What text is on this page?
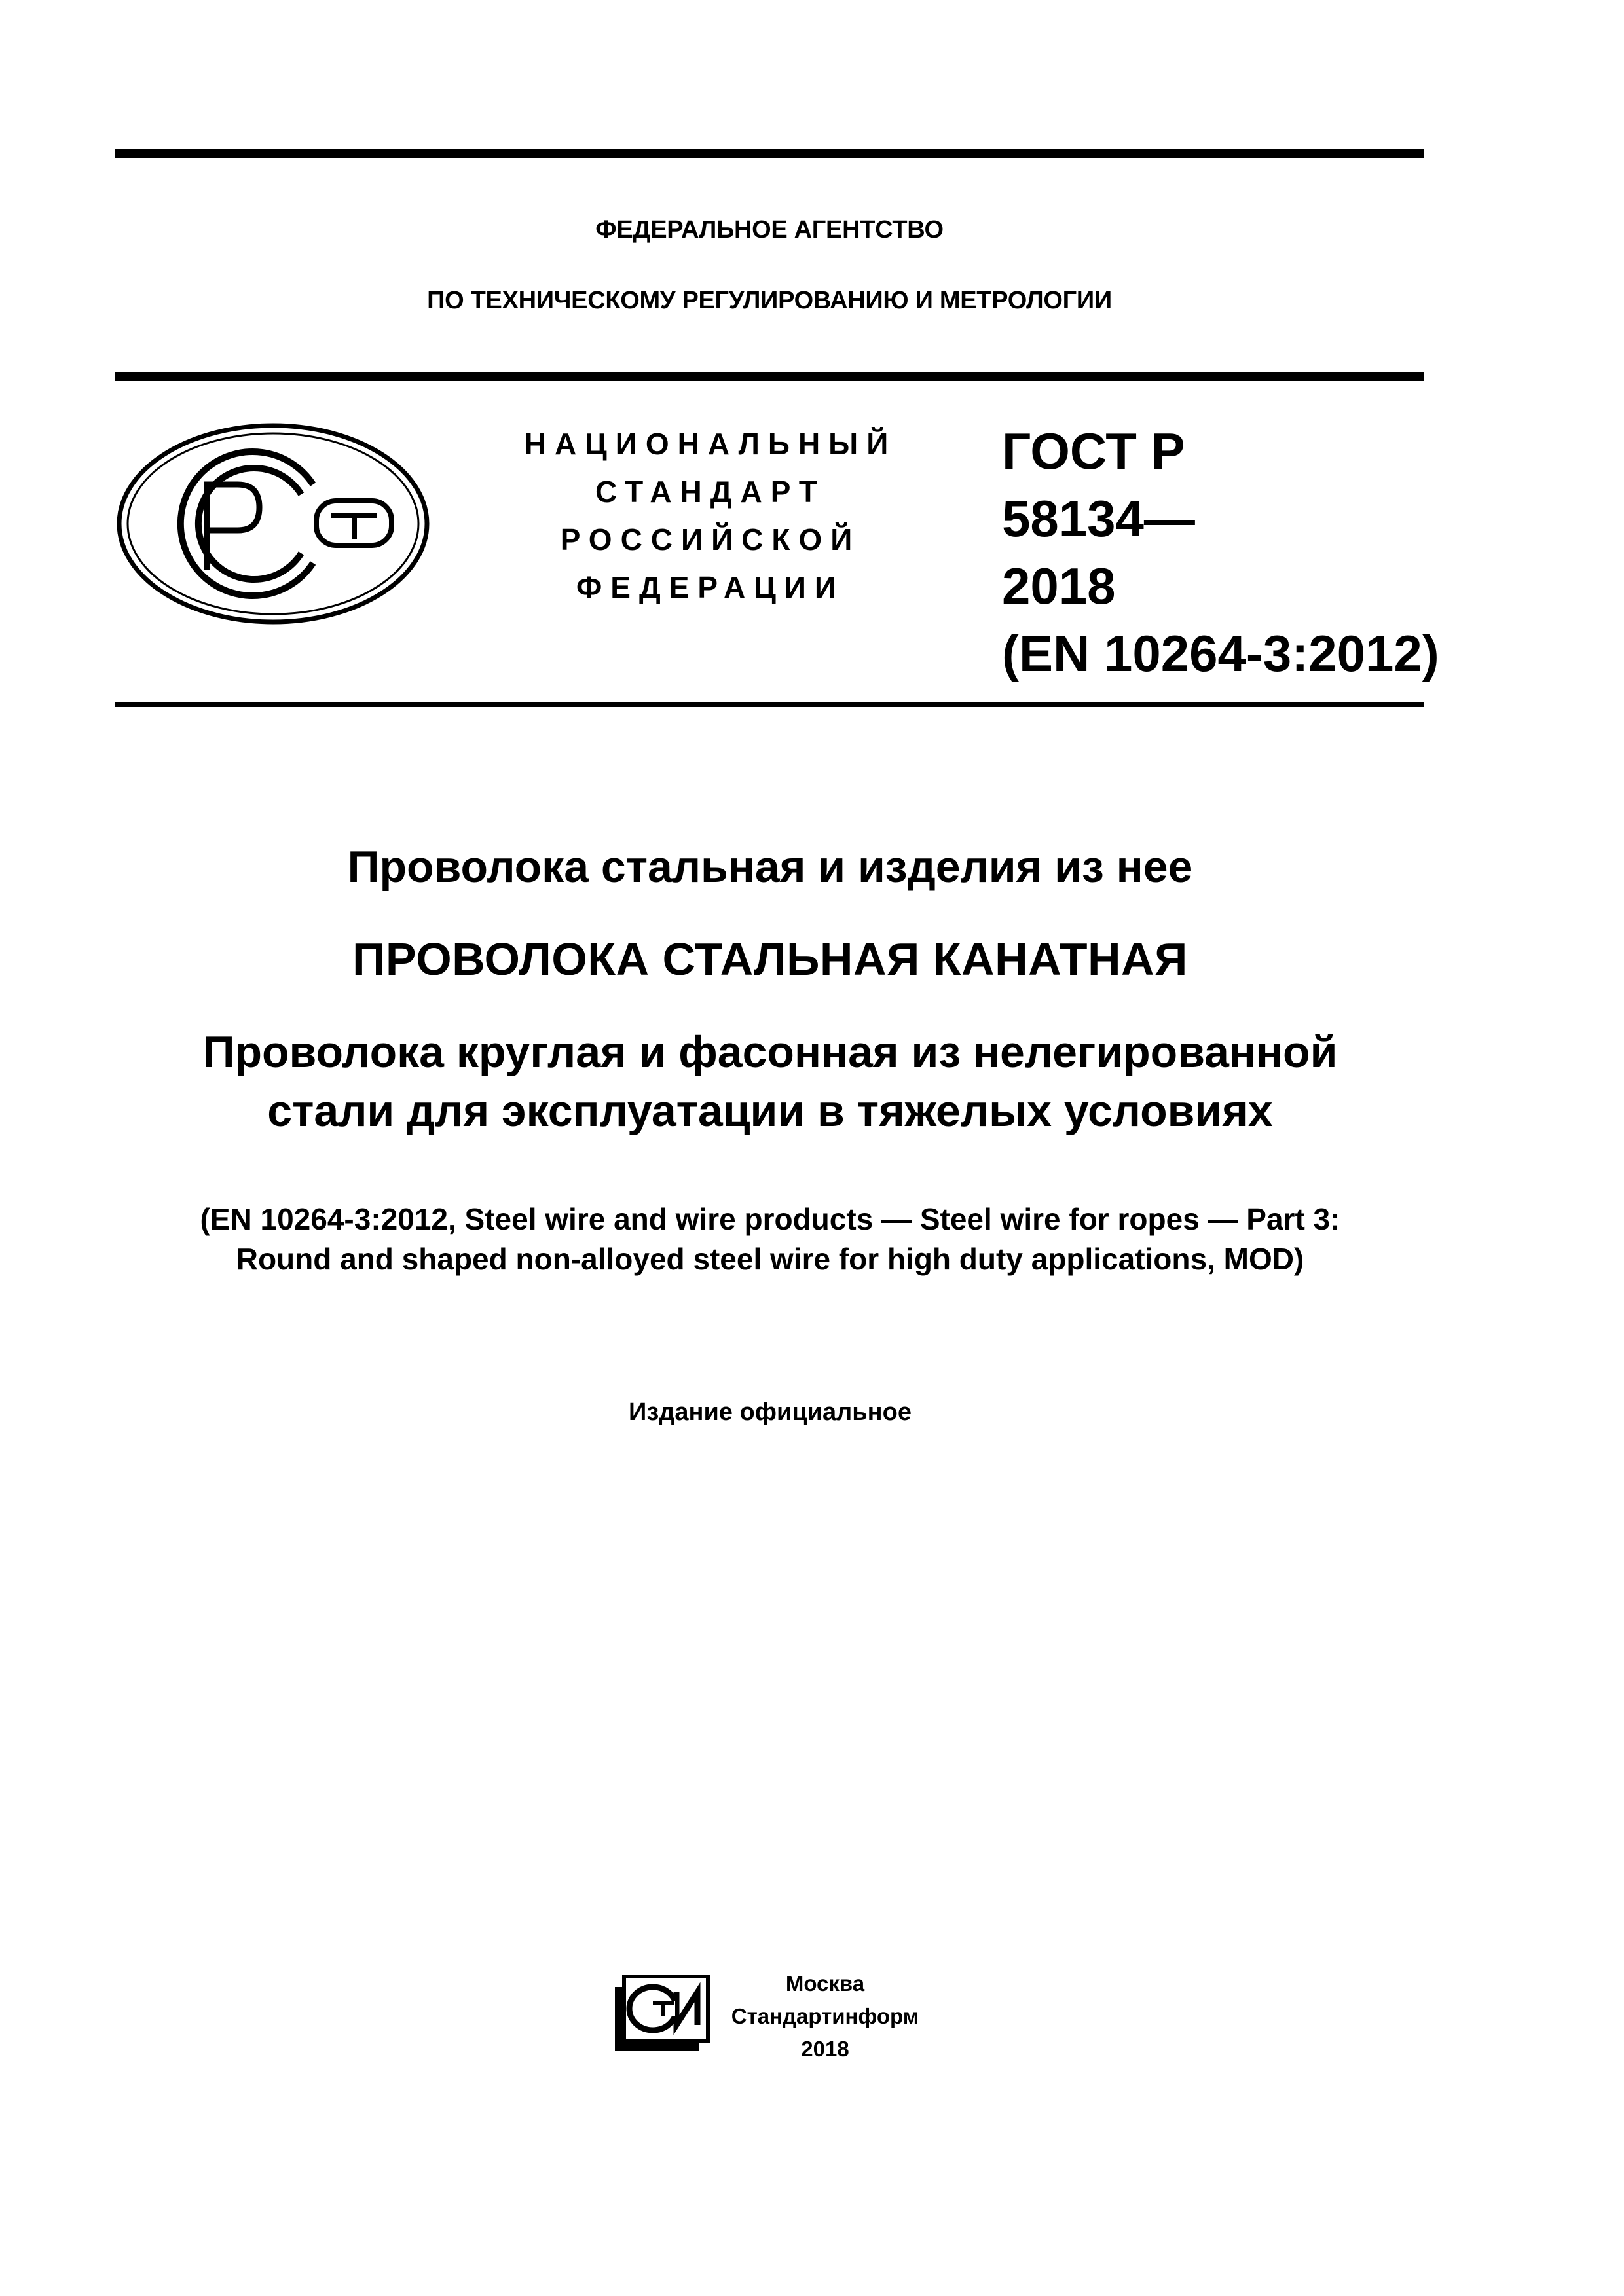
ФЕДЕРАЛЬНОЕ АГЕНТСТВО
ПО ТЕХНИЧЕСКОМУ РЕГУЛИРОВАНИЮ И МЕТРОЛОГИИ
НАЦИОНАЛЬНЫЙ
СТАНДАРТ
РОССИЙСКОЙ
ФЕДЕРАЦИИ
ГОСТ Р
58134—
2018
(EN 10264-3:2012)
Проволока стальная и изделия из нее
ПРОВОЛОКА СТАЛЬНАЯ КАНАТНАЯ
Проволока круглая и фасонная из нелегированной
стали для эксплуатации в тяжелых условиях
(EN 10264-3:2012, Steel wire and wire products — Steel wire for ropes — Part 3:
Round and shaped non-alloyed steel wire for high duty applications, MOD)
Издание официальное
Москва
Стандартинформ
2018
